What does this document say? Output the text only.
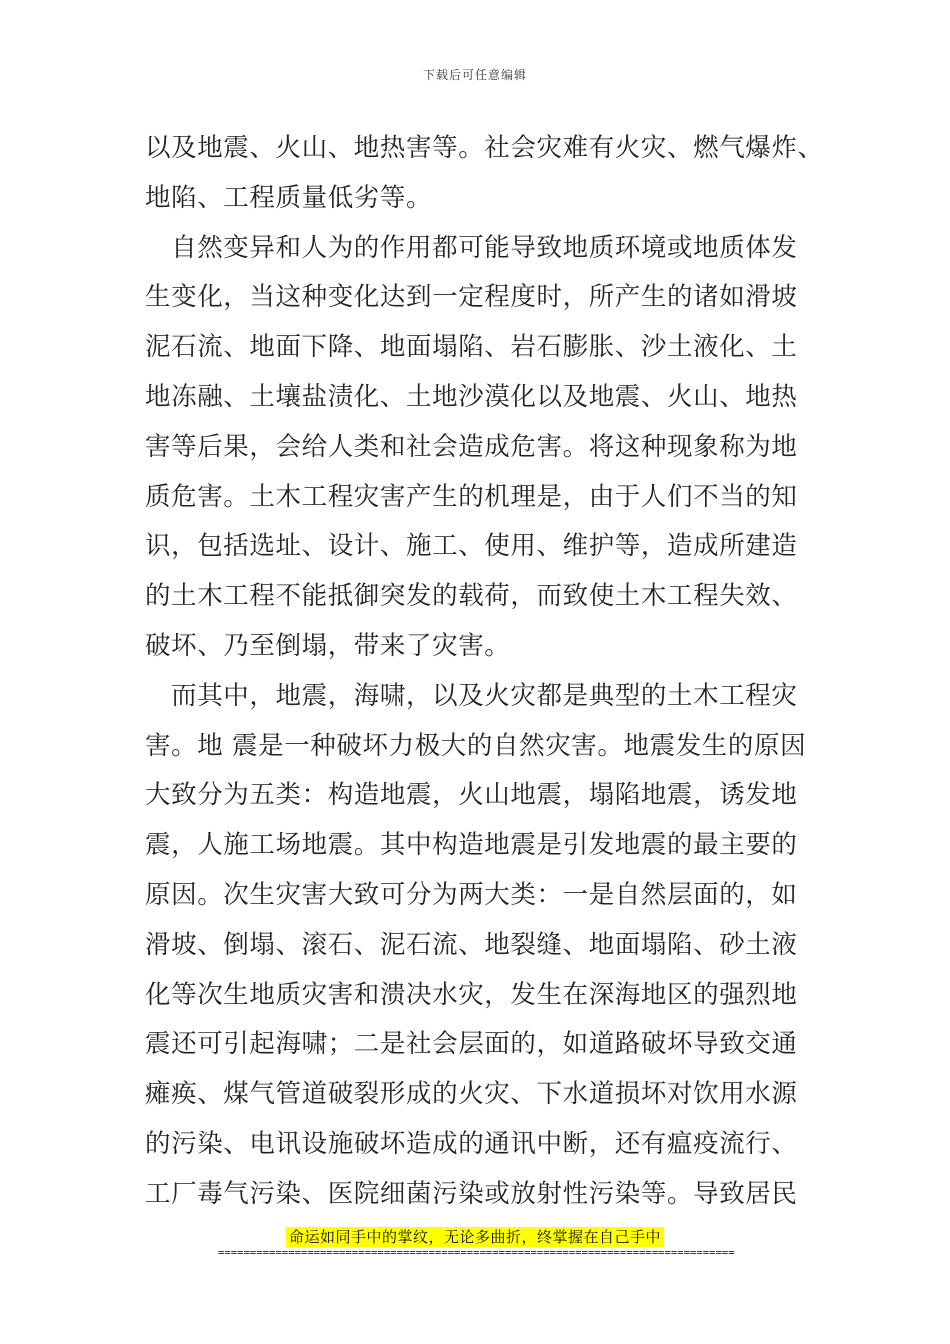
下载后可任意编辑

以及地震、火山、地热害等。社会灾难有火灾、燃气爆炸、
地陷、工程质量低劣等。

　自然变异和人为的作用都可能导致地质环境或地质体发
生变化，当这种变化达到一定程度时，所产生的诸如滑坡
泥石流、地面下降、地面塌陷、岩石膨胀、沙土液化、土
地冻融、土壤盐渍化、土地沙漠化以及地震、火山、地热
害等后果，会给人类和社会造成危害。将这种现象称为地
质危害。土木工程灾害产生的机理是，由于人们不当的知
识，包括选址、设计、施工、使用、维护等，造成所建造
的土木工程不能抵御突发的载荷，而致使土木工程失效、
破坏、乃至倒塌，带来了灾害。

　而其中，地震，海啸，以及火灾都是典型的土木工程灾
害。地 震是一种破坏力极大的自然灾害。地震发生的原因
大致分为五类：构造地震，火山地震，塌陷地震，诱发地
震，人施工场地震。其中构造地震是引发地震的最主要的
原因。次生灾害大致可分为两大类：一是自然层面的，如
滑坡、倒塌、滚石、泥石流、地裂缝、地面塌陷、砂土液
化等次生地质灾害和溃决水灾，发生在深海地区的强烈地
震还可引起海啸；二是社会层面的，如道路破坏导致交通
瘫痪、煤气管道破裂形成的火灾、下水道损坏对饮用水源
的污染、电讯设施破坏造成的通讯中断，还有瘟疫流行、
工厂毒气污染、医院细菌污染或放射性污染等。导致居民

命运如同手中的掌纹，无论多曲折，终掌握在自己手中
=================================================================================
